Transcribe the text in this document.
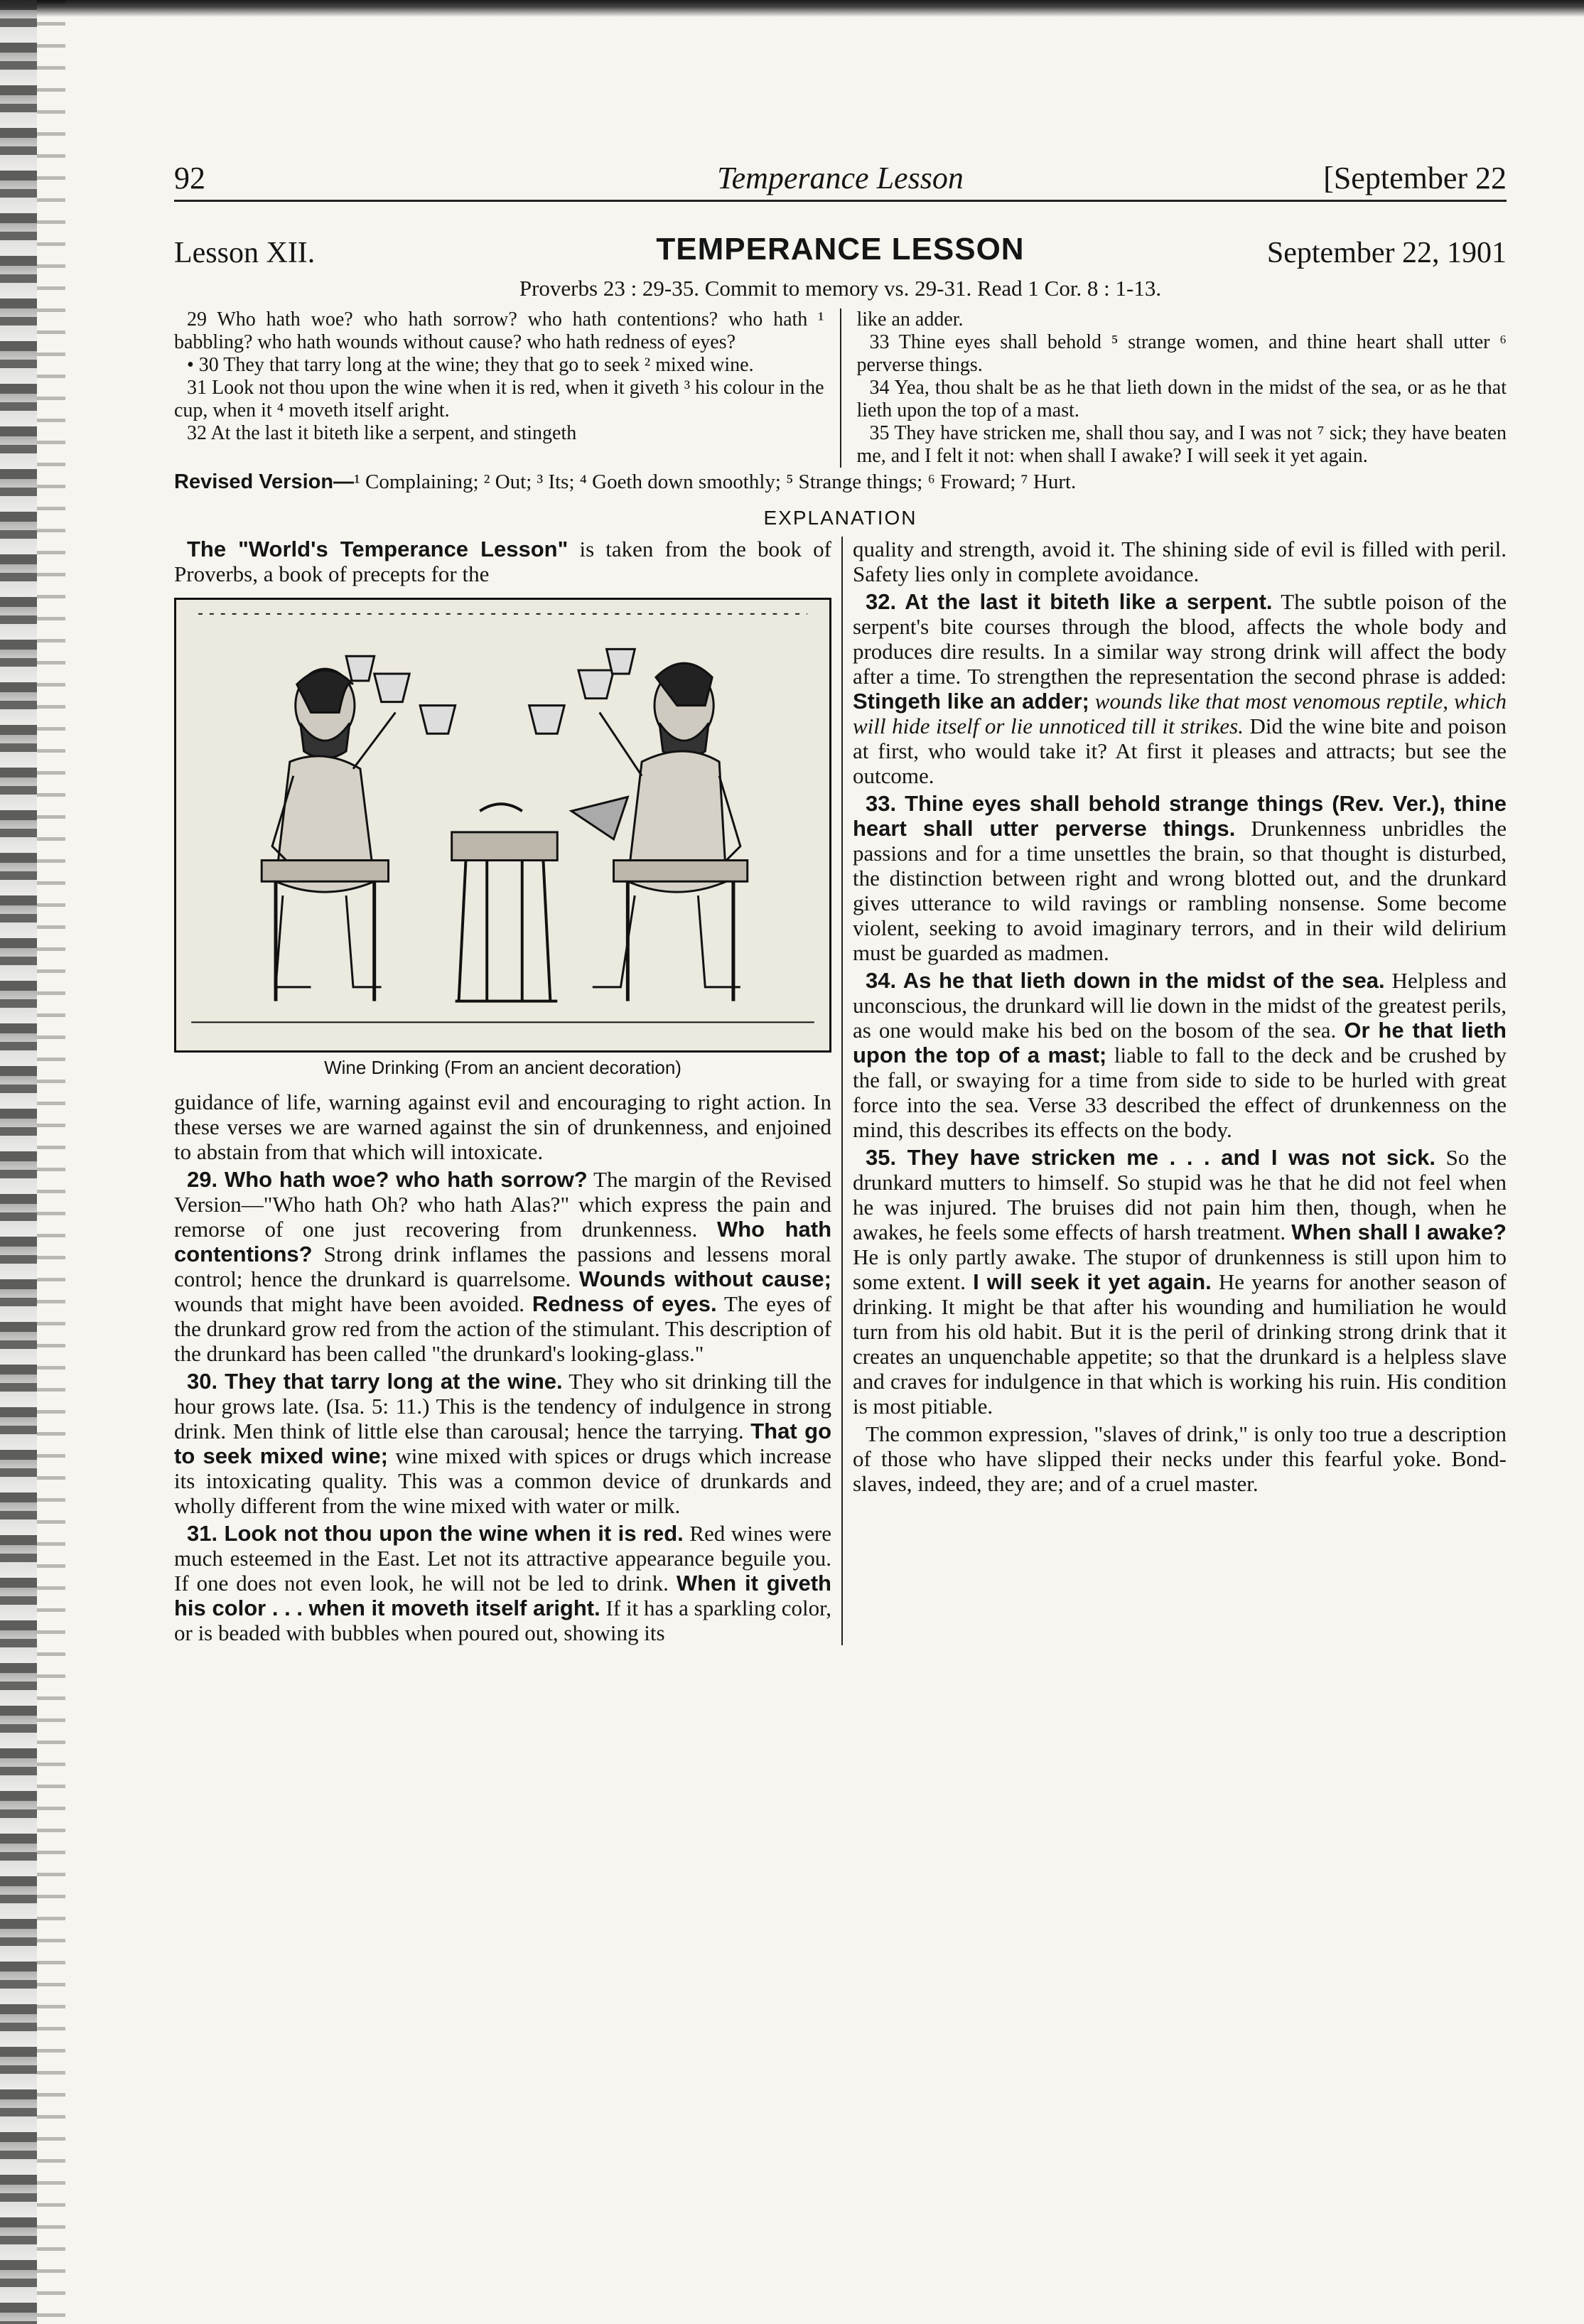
92	Temperance Lesson	[September 22
Lesson XII.	TEMPERANCE LESSON	September 22, 1901
Proverbs 23 : 29-35. Commit to memory vs. 29-31. Read 1 Cor. 8 : 1-13.

29 Who hath woe? who hath sorrow? who hath contentions? who hath ¹ babbling? who hath wounds without cause? who hath redness of eyes?

• 30 They that tarry long at the wine; they that go to seek ² mixed wine.

31 Look not thou upon the wine when it is red, when it giveth ³ his colour in the cup, when it ⁴ moveth itself aright.

32 At the last it biteth like a serpent, and stingeth

like an adder.

33 Thine eyes shall behold ⁵ strange women, and thine heart shall utter ⁶ perverse things.

34 Yea, thou shalt be as he that lieth down in the midst of the sea, or as he that lieth upon the top of a mast.

35 They have stricken me, shall thou say, and I was not ⁷ sick; they have beaten me, and I felt it not: when shall I awake? I will seek it yet again.

Revised Version—¹ Complaining; ² Out; ³ Its; ⁴ Goeth down smoothly; ⁵ Strange things; ⁶ Froward; ⁷ Hurt.
EXPLANATION

The "World's Temperance Lesson" is taken from the book of Proverbs, a book of precepts for the

Wine Drinking (From an ancient decoration)

guidance of life, warning against evil and encouraging to right action. In these verses we are warned against the sin of drunkenness, and enjoined to abstain from that which will intoxicate.

29. Who hath woe? who hath sorrow? The margin of the Revised Version—"Who hath Oh? who hath Alas?" which express the pain and remorse of one just recovering from drunkenness. Who hath contentions? Strong drink inflames the passions and lessens moral control; hence the drunkard is quarrelsome. Wounds without cause; wounds that might have been avoided. Redness of eyes. The eyes of the drunkard grow red from the action of the stimulant. This description of the drunkard has been called "the drunkard's looking-glass."

30. They that tarry long at the wine. They who sit drinking till the hour grows late. (Isa. 5: 11.) This is the tendency of indulgence in strong drink. Men think of little else than carousal; hence the tarrying. That go to seek mixed wine; wine mixed with spices or drugs which increase its intoxicating quality. This was a common device of drunkards and wholly different from the wine mixed with water or milk.

31. Look not thou upon the wine when it is red. Red wines were much esteemed in the East. Let not its attractive appearance beguile you. If one does not even look, he will not be led to drink. When it giveth his color . . . when it moveth itself aright. If it has a sparkling color, or is beaded with bubbles when poured out, showing its

quality and strength, avoid it. The shining side of evil is filled with peril. Safety lies only in complete avoidance.

32. At the last it biteth like a serpent. The subtle poison of the serpent's bite courses through the blood, affects the whole body and produces dire results. In a similar way strong drink will affect the body after a time. To strengthen the representation the second phrase is added: Stingeth like an adder; wounds like that most venomous reptile, which will hide itself or lie unnoticed till it strikes. Did the wine bite and poison at first, who would take it? At first it pleases and attracts; but see the outcome.

33. Thine eyes shall behold strange things (Rev. Ver.), thine heart shall utter perverse things. Drunkenness unbridles the passions and for a time unsettles the brain, so that thought is disturbed, the distinction between right and wrong blotted out, and the drunkard gives utterance to wild ravings or rambling nonsense. Some become violent, seeking to avoid imaginary terrors, and in their wild delirium must be guarded as madmen.

34. As he that lieth down in the midst of the sea. Helpless and unconscious, the drunkard will lie down in the midst of the greatest perils, as one would make his bed on the bosom of the sea. Or he that lieth upon the top of a mast; liable to fall to the deck and be crushed by the fall, or swaying for a time from side to side to be hurled with great force into the sea. Verse 33 described the effect of drunkenness on the mind, this describes its effects on the body.

35. They have stricken me . . . and I was not sick. So the drunkard mutters to himself. So stupid was he that he did not feel when he was injured. The bruises did not pain him then, though, when he awakes, he feels some effects of harsh treatment. When shall I awake? He is only partly awake. The stupor of drunkenness is still upon him to some extent. I will seek it yet again. He yearns for another season of drinking. It might be that after his wounding and humiliation he would turn from his old habit. But it is the peril of drinking strong drink that it creates an unquenchable appetite; so that the drunkard is a helpless slave and craves for indulgence in that which is working his ruin. His condition is most pitiable.

The common expression, "slaves of drink," is only too true a description of those who have slipped their necks under this fearful yoke. Bond-slaves, indeed, they are; and of a cruel master.
